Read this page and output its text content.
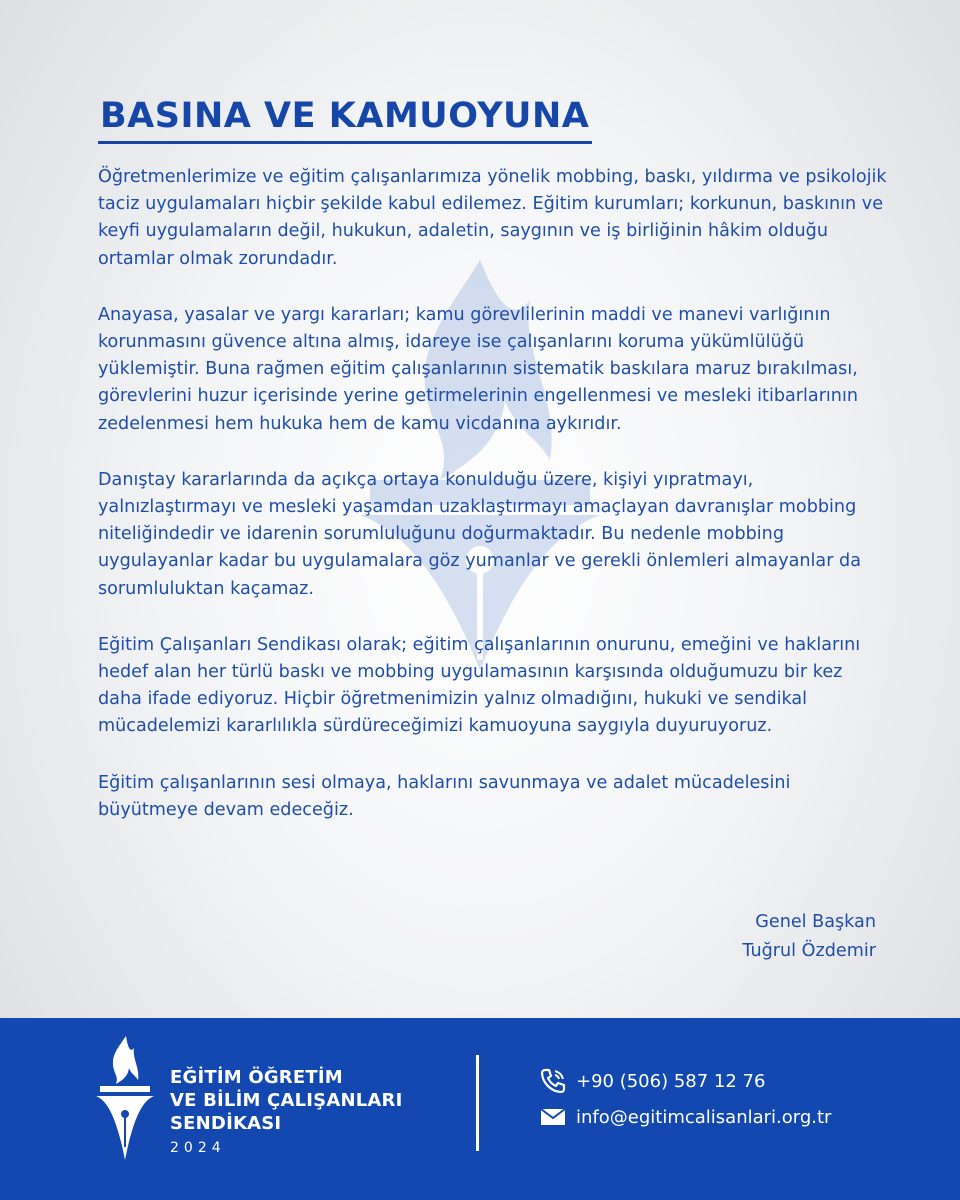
BASINA VE KAMUOYUNA

Öğretmenlerimize ve eğitim çalışanlarımıza yönelik mobbing, baskı, yıldırma ve psikolojik taciz uygulamaları hiçbir şekilde kabul edilemez. Eğitim kurumları; korkunun, baskının ve keyfi uygulamaların değil, hukukun, adaletin, saygının ve iş birliğinin hâkim olduğu ortamlar olmak zorundadır.

Anayasa, yasalar ve yargı kararları; kamu görevlilerinin maddi ve manevi varlığının korunmasını güvence altına almış, idareye ise çalışanlarını koruma yükümlülüğü yüklemiştir. Buna rağmen eğitim çalışanlarının sistematik baskılara maruz bırakılması, görevlerini huzur içerisinde yerine getirmelerinin engellenmesi ve mesleki itibarlarının zedelenmesi hem hukuka hem de kamu vicdanına aykırıdır.

Danıştay kararlarında da açıkça ortaya konulduğu üzere, kişiyi yıpratmayı, yalnızlaştırmayı ve mesleki yaşamdan uzaklaştırmayı amaçlayan davranışlar mobbing niteliğindedir ve idarenin sorumluluğunu doğurmaktadır. Bu nedenle mobbing uygulayanlar kadar bu uygulamalara göz yumanlar ve gerekli önlemleri almayanlar da sorumluluktan kaçamaz.

Eğitim Çalışanları Sendikası olarak; eğitim çalışanlarının onurunu, emeğini ve haklarını hedef alan her türlü baskı ve mobbing uygulamasının karşısında olduğumuzu bir kez daha ifade ediyoruz. Hiçbir öğretmenimizin yalnız olmadığını, hukuki ve sendikal mücadelemizi kararlılıkla sürdüreceğimizi kamuoyuna saygıyla duyuruyoruz.

Eğitim çalışanlarının sesi olmaya, haklarını savunmaya ve adalet mücadelesini büyütmeye devam edeceğiz.

Genel Başkan
Tuğrul Özdemir
EĞİTİM ÖĞRETİM
VE BİLİM ÇALIŞANLARI
SENDİKASI
2024
+90 (506) 587 12 76
info@egitimcalisanlari.org.tr
